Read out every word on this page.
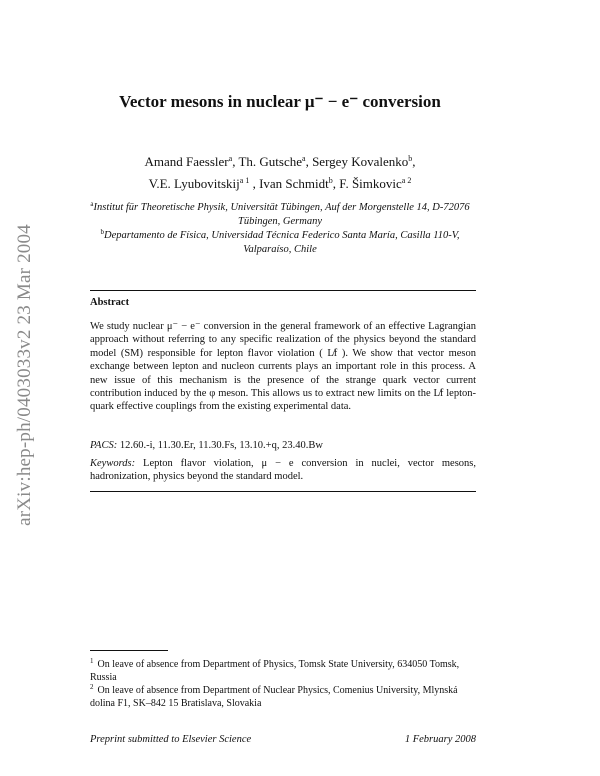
arXiv:hep-ph/0403033v2 23 Mar 2004
Vector mesons in nuclear μ⁻ − e⁻ conversion
Amand Faessler$^a$, Th. Gutsche$^a$, Sergey Kovalenko$^b$,
V.E. Lyubovitskij$^{a 1}$ , Ivan Schmidt$^b$, F. Šimkovic$^{a 2}$
$^a$Institut für Theoretische Physik, Universität Tübingen, Auf der Morgenstelle 14, D-72076 Tübingen, Germany
$^b$Departamento de Física, Universidad Técnica Federico Santa María, Casilla 110-V, Valparaíso, Chile
Abstract
We study nuclear μ⁻ − e⁻ conversion in the general framework of an effective Lagrangian approach without referring to any specific realization of the physics beyond the standard model (SM) responsible for lepton flavor violation ( L̸f ). We show that vector meson exchange between lepton and nucleon currents plays an important role in this process. A new issue of this mechanism is the presence of the strange quark vector current contribution induced by the φ meson. This allows us to extract new limits on the L̸f lepton-quark effective couplings from the existing experimental data.
PACS: 12.60.-i, 11.30.Er, 11.30.Fs, 13.10.+q, 23.40.Bw
Keywords: Lepton flavor violation, μ − e conversion in nuclei, vector mesons, hadronization, physics beyond the standard model.
$^1$ On leave of absence from Department of Physics, Tomsk State University, 634050 Tomsk, Russia
$^2$ On leave of absence from Department of Nuclear Physics, Comenius University, Mlynská dolina F1, SK–842 15 Bratislava, Slovakia
Preprint submitted to Elsevier Science	1 February 2008
